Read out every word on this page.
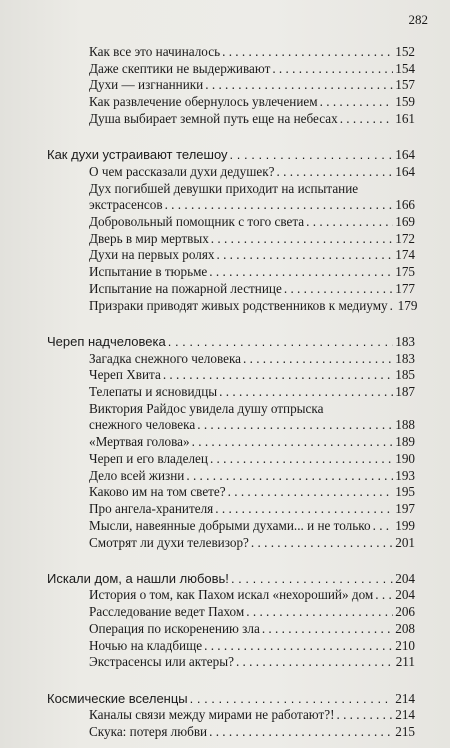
282
Как все это начиналось . . .	152
Даже скептики не выдерживают . . .	154
Духи — изгнанники . . .	157
Как развлечение обернулось увлечением . . .	159
Душа выбирает земной путь еще на небесах . . .	161
Как духи устраивают телешоу . . .	164
О чем рассказали духи дедушек? . . .	164
Дух погибшей девушки приходит на испытание
экстрасенсов . . .	166
Добровольный помощник с того света . . .	169
Дверь в мир мертвых . . .	172
Духи на первых ролях . . .	174
Испытание в тюрьме . . .	175
Испытание на пожарной лестнице . . .	177
Призраки приводят живых родственников к медиуму . . . 179
Череп надчеловека . . .	183
Загадка снежного человека . . .	183
Череп Хвита . . .	185
Телепаты и ясновидцы . . .	187
Виктория Райдос увидела душу отпрыска
снежного человека . . .	188
«Мертвая голова» . . .	189
Череп и его владелец . . .	190
Дело всей жизни . . .	193
Каково им на том свете? . . .	195
Про ангела-хранителя . . .	197
Мысли, навеянные добрыми духами... и не только . . . 199
Смотрят ли духи телевизор? . . .	201
Искали дом, а нашли любовь! . . .	204
История о том, как Пахом искал «нехороший» дом . . . 204
Расследование ведет Пахом . . .	206
Операция по искоренению зла . . .	208
Ночью на кладбище . . .	210
Экстрасенсы или актеры? . . .	211
Космические вселенцы . . .	214
Каналы связи между мирами не работают?! . . .	214
Скука: потеря любви . . .	215
